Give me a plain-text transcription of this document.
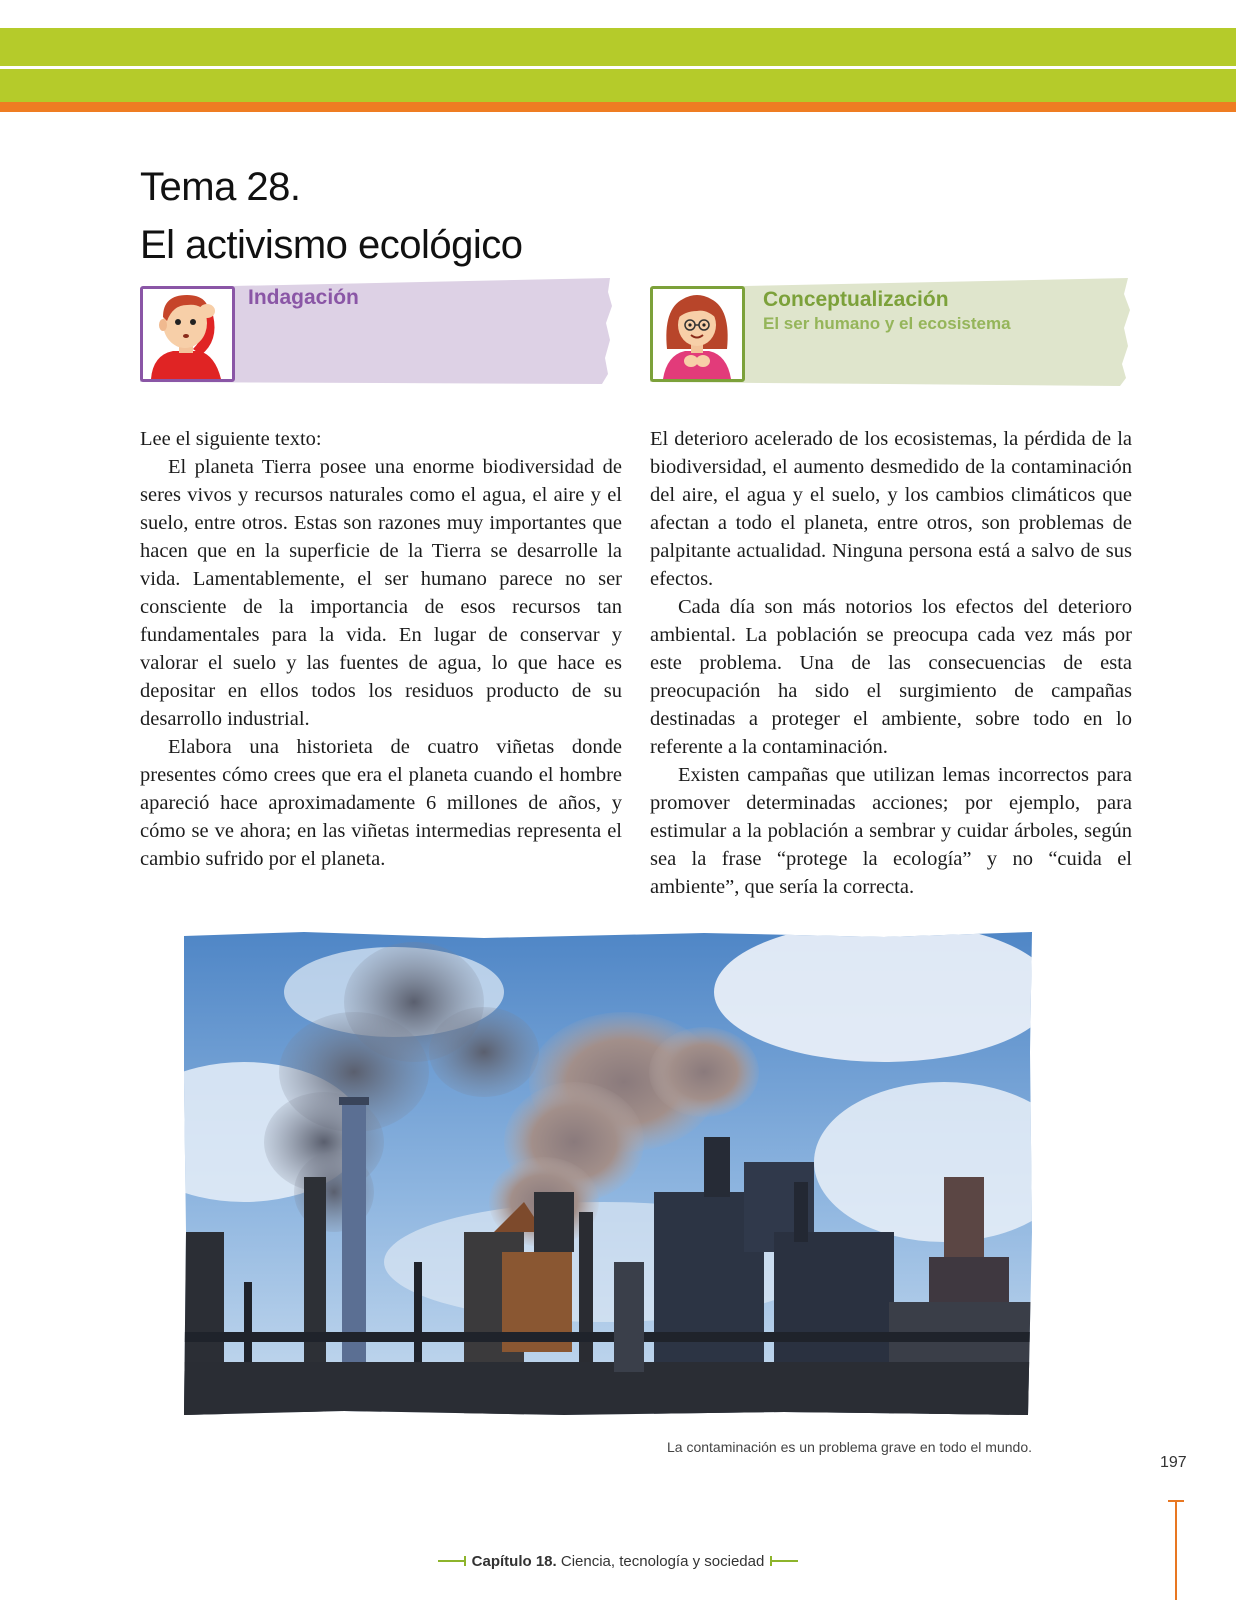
Tema 28.
El activismo ecológico
Indagación	Conceptualización
El ser humano y el ecosistema

Lee el siguiente texto:

El planeta Tierra posee una enorme biodiversidad de seres vivos y recursos naturales como el agua, el aire y el suelo, entre otros. Estas son razones muy importantes que hacen que en la superficie de la Tierra se desarrolle la vida. Lamentablemente, el ser humano parece no ser consciente de la importancia de esos recursos tan fundamentales para la vida. En lugar de conservar y valorar el suelo y las fuentes de agua, lo que hace es depositar en ellos todos los residuos producto de su desarrollo industrial.

Elabora una historieta de cuatro viñetas donde presentes cómo crees que era el planeta cuando el hombre apareció hace aproximadamente 6 millones de años, y cómo se ve ahora; en las viñetas intermedias representa el cambio sufrido por el planeta.

El deterioro acelerado de los ecosistemas, la pérdida de la biodiversidad, el aumento desmedido de la contaminación del aire, el agua y el suelo, y los cambios climáticos que afectan a todo el planeta, entre otros, son problemas de palpitante actualidad. Ninguna persona está a salvo de sus efectos.

Cada día son más notorios los efectos del deterioro ambiental. La población se preocupa cada vez más por este problema. Una de las consecuencias de esta preocupación ha sido el surgimiento de campañas destinadas a proteger el ambiente, sobre todo en lo referente a la contaminación.

Existen campañas que utilizan lemas incorrectos para promover determinadas acciones; por ejemplo, para estimular a la población a sembrar y cuidar árboles, según sea la frase “protege la ecología” y no “cuida el ambiente”, que sería la correcta.

La contaminación es un problema grave en todo el mundo.
197
Capítulo 18. Ciencia, tecnología y sociedad
